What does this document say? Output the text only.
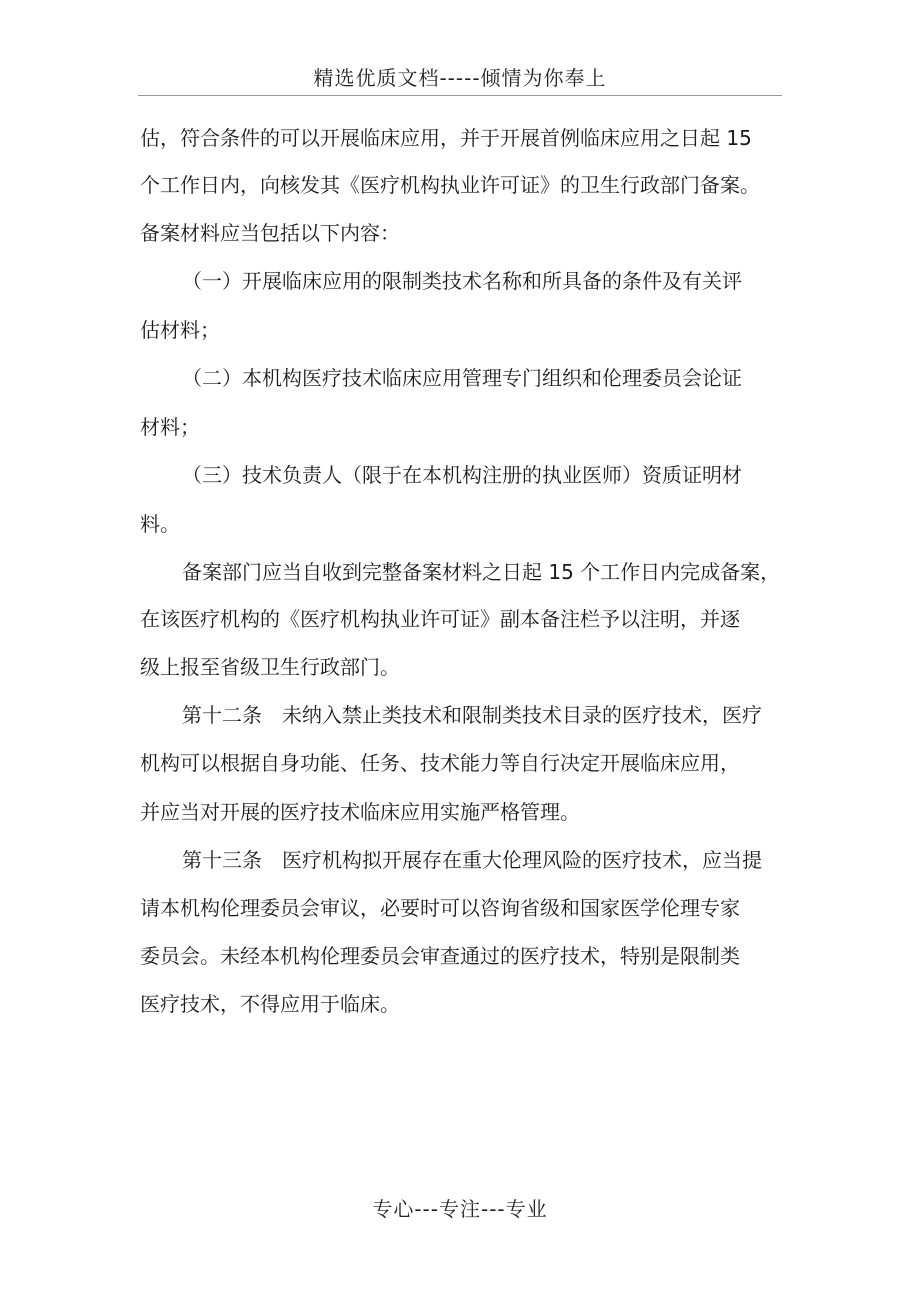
精选优质文档-----倾情为你奉上
估，符合条件的可以开展临床应用，并于开展首例临床应用之日起 15
个工作日内，向核发其《医疗机构执业许可证》的卫生行政部门备案。
备案材料应当包括以下内容：
（一）开展临床应用的限制类技术名称和所具备的条件及有关评
估材料；
（二）本机构医疗技术临床应用管理专门组织和伦理委员会论证
材料；
（三）技术负责人（限于在本机构注册的执业医师）资质证明材
料。
备案部门应当自收到完整备案材料之日起 15 个工作日内完成备案，
在该医疗机构的《医疗机构执业许可证》副本备注栏予以注明，并逐
级上报至省级卫生行政部门。
第十二条　未纳入禁止类技术和限制类技术目录的医疗技术，医疗
机构可以根据自身功能、任务、技术能力等自行决定开展临床应用，
并应当对开展的医疗技术临床应用实施严格管理。
第十三条　医疗机构拟开展存在重大伦理风险的医疗技术，应当提
请本机构伦理委员会审议，必要时可以咨询省级和国家医学伦理专家
委员会。未经本机构伦理委员会审查通过的医疗技术，特别是限制类
医疗技术，不得应用于临床。
专心---专注---专业
